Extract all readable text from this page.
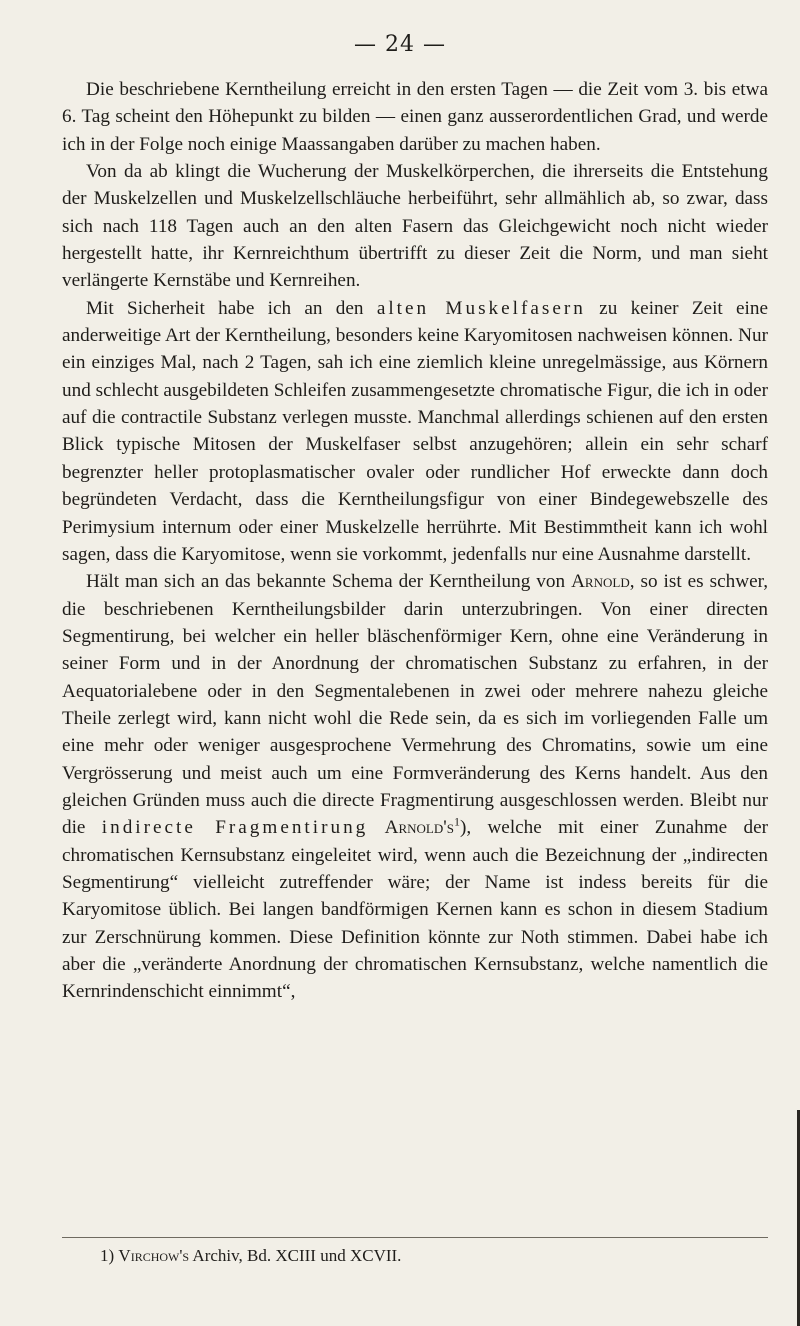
— 24 —

Die beschriebene Kerntheilung erreicht in den ersten Tagen — die Zeit vom 3. bis etwa 6. Tag scheint den Höhepunkt zu bilden — einen ganz ausserordentlichen Grad, und werde ich in der Folge noch einige Maassangaben darüber zu machen haben.

Von da ab klingt die Wucherung der Muskelkörperchen, die ihrerseits die Entstehung der Muskelzellen und Muskelzellschläuche herbeiführt, sehr allmählich ab, so zwar, dass sich nach 118 Tagen auch an den alten Fasern das Gleichgewicht noch nicht wieder hergestellt hatte, ihr Kernreichthum übertrifft zu dieser Zeit die Norm, und man sieht verlängerte Kernstäbe und Kernreihen.

Mit Sicherheit habe ich an den alten Muskelfasern zu keiner Zeit eine anderweitige Art der Kerntheilung, besonders keine Karyomitosen nachweisen können. Nur ein einziges Mal, nach 2 Tagen, sah ich eine ziemlich kleine unregelmässige, aus Körnern und schlecht ausgebildeten Schleifen zusammengesetzte chromatische Figur, die ich in oder auf die contractile Substanz verlegen musste. Manchmal allerdings schienen auf den ersten Blick typische Mitosen der Muskelfaser selbst anzugehören; allein ein sehr scharf begrenzter heller protoplasmatischer ovaler oder rundlicher Hof erweckte dann doch begründeten Verdacht, dass die Kerntheilungsfigur von einer Bindegewebszelle des Perimysium internum oder einer Muskelzelle herrührte. Mit Bestimmtheit kann ich wohl sagen, dass die Karyomitose, wenn sie vorkommt, jedenfalls nur eine Ausnahme darstellt.

Hält man sich an das bekannte Schema der Kerntheilung von Arnold, so ist es schwer, die beschriebenen Kerntheilungsbilder darin unterzubringen. Von einer directen Segmentirung, bei welcher ein heller bläschenförmiger Kern, ohne eine Veränderung in seiner Form und in der Anordnung der chromatischen Substanz zu erfahren, in der Aequatorialebene oder in den Segmentalebenen in zwei oder mehrere nahezu gleiche Theile zerlegt wird, kann nicht wohl die Rede sein, da es sich im vorliegenden Falle um eine mehr oder weniger ausgesprochene Vermehrung des Chromatins, sowie um eine Vergrösserung und meist auch um eine Formveränderung des Kerns handelt. Aus den gleichen Gründen muss auch die directe Fragmentirung ausgeschlossen werden. Bleibt nur die indirecte Fragmentirung $Arnold's^1$), welche mit einer Zunahme der chromatischen Kernsubstanz eingeleitet wird, wenn auch die Bezeichnung der „indirecten Segmentirung“ vielleicht zutreffender wäre; der Name ist indess bereits für die Karyomitose üblich. Bei langen bandförmigen Kernen kann es schon in diesem Stadium zur Zerschnürung kommen. Diese Definition könnte zur Noth stimmen. Dabei habe ich aber die „veränderte Anordnung der chromatischen Kernsubstanz, welche namentlich die Kernrindenschicht einnimmt“,

1) Virchow's Archiv, Bd. XCIII und XCVII.
